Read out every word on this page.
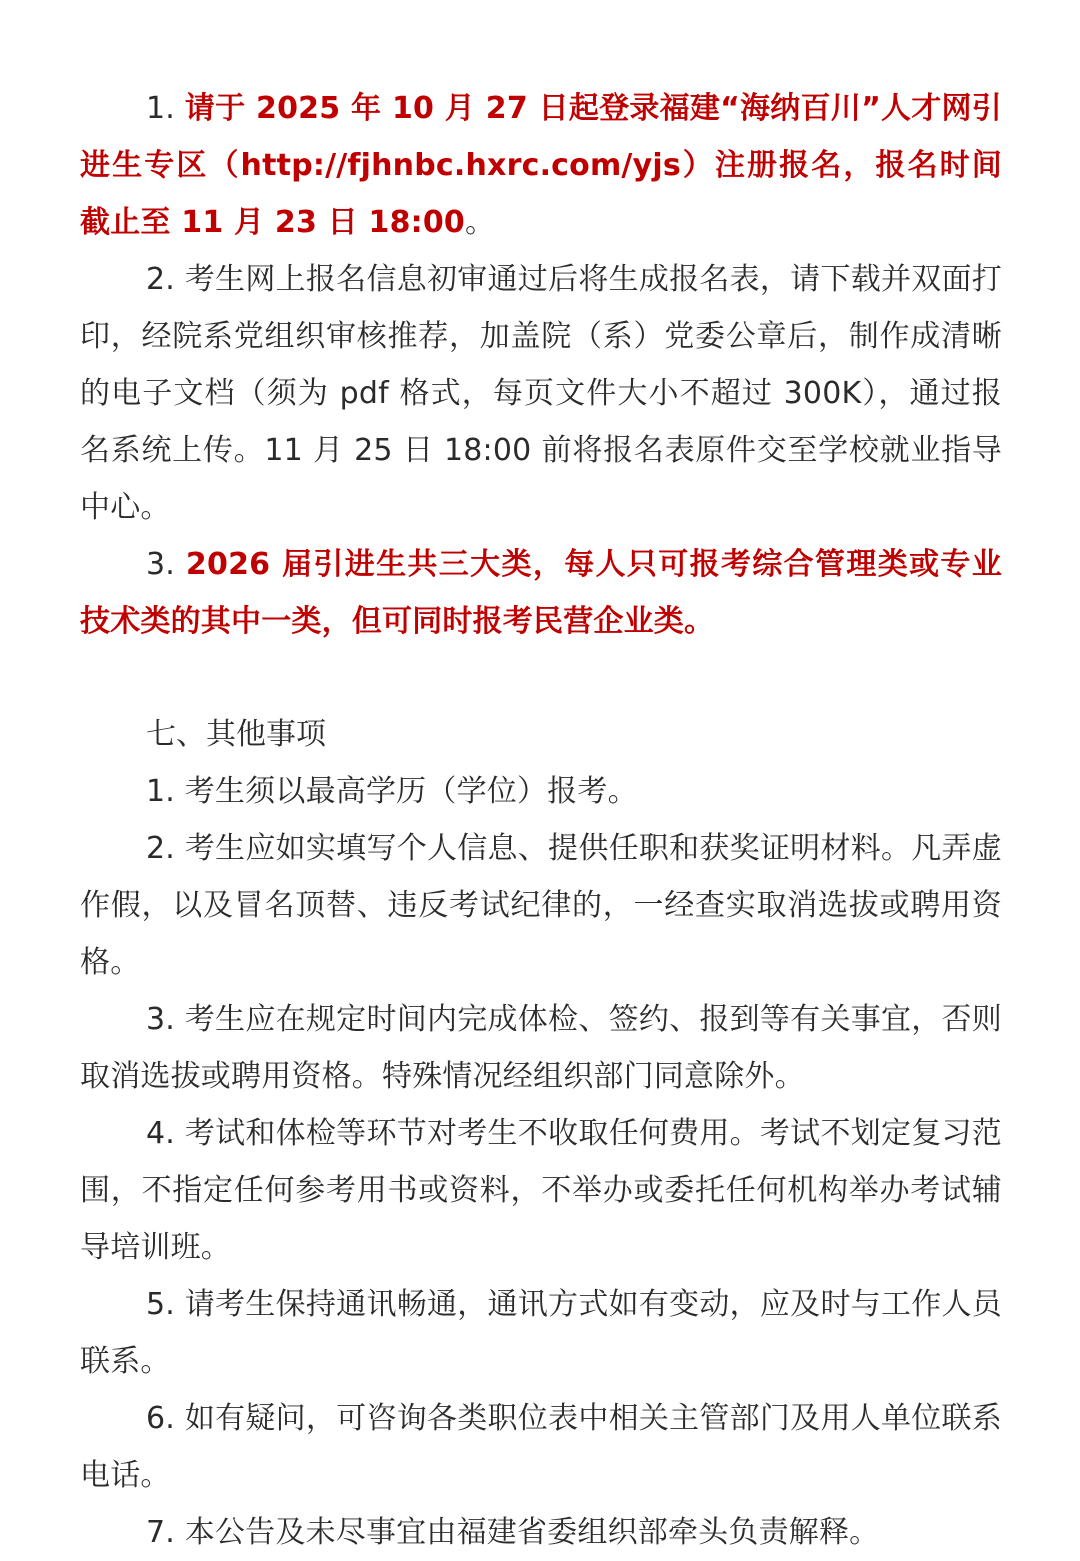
1. 请于 2025 年 10 月 27 日起登录福建“海纳百川”人才网引进生专区（http://fjhnbc.hxrc.com/yjs）注册报名，报名时间截止至 11 月 23 日 18:00。

2. 考生网上报名信息初审通过后将生成报名表，请下载并双面打印，经院系党组织审核推荐，加盖院（系）党委公章后，制作成清晰的电子文档（须为 pdf 格式，每页文件大小不超过 300K），通过报名系统上传。11 月 25 日 18:00 前将报名表原件交至学校就业指导中心。

3. 2026 届引进生共三大类，每人只可报考综合管理类或专业技术类的其中一类，但可同时报考民营企业类。

七、其他事项

1. 考生须以最高学历（学位）报考。

2. 考生应如实填写个人信息、提供任职和获奖证明材料。凡弄虚作假，以及冒名顶替、违反考试纪律的，一经查实取消选拔或聘用资格。

3. 考生应在规定时间内完成体检、签约、报到等有关事宜，否则取消选拔或聘用资格。特殊情况经组织部门同意除外。

4. 考试和体检等环节对考生不收取任何费用。考试不划定复习范围，不指定任何参考用书或资料，不举办或委托任何机构举办考试辅导培训班。

5. 请考生保持通讯畅通，通讯方式如有变动，应及时与工作人员联系。

6. 如有疑问，可咨询各类职位表中相关主管部门及用人单位联系电话。

7. 本公告及未尽事宜由福建省委组织部牵头负责解释。
